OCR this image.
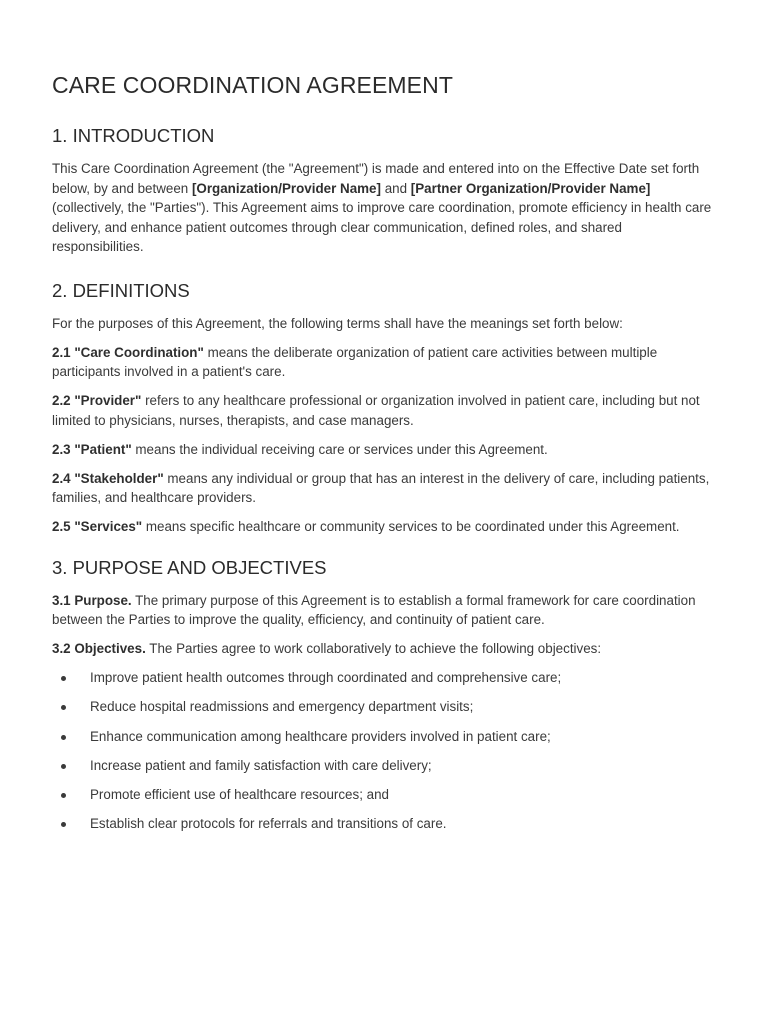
CARE COORDINATION AGREEMENT
1. INTRODUCTION

This Care Coordination Agreement (the "Agreement") is made and entered into on the Effective Date set forth below, by and between [Organization/Provider Name] and [Partner Organization/Provider Name] (collectively, the "Parties"). This Agreement aims to improve care coordination, promote efficiency in health care delivery, and enhance patient outcomes through clear communication, defined roles, and shared responsibilities.

2. DEFINITIONS

For the purposes of this Agreement, the following terms shall have the meanings set forth below:

2.1 "Care Coordination" means the deliberate organization of patient care activities between multiple participants involved in a patient's care.

2.2 "Provider" refers to any healthcare professional or organization involved in patient care, including but not limited to physicians, nurses, therapists, and case managers.

2.3 "Patient" means the individual receiving care or services under this Agreement.

2.4 "Stakeholder" means any individual or group that has an interest in the delivery of care, including patients, families, and healthcare providers.

2.5 "Services" means specific healthcare or community services to be coordinated under this Agreement.

3. PURPOSE AND OBJECTIVES

3.1 Purpose. The primary purpose of this Agreement is to establish a formal framework for care coordination between the Parties to improve the quality, efficiency, and continuity of patient care.

3.2 Objectives. The Parties agree to work collaboratively to achieve the following objectives:

Improve patient health outcomes through coordinated and comprehensive care;
Reduce hospital readmissions and emergency department visits;
Enhance communication among healthcare providers involved in patient care;
Increase patient and family satisfaction with care delivery;
Promote efficient use of healthcare resources; and
Establish clear protocols for referrals and transitions of care.
